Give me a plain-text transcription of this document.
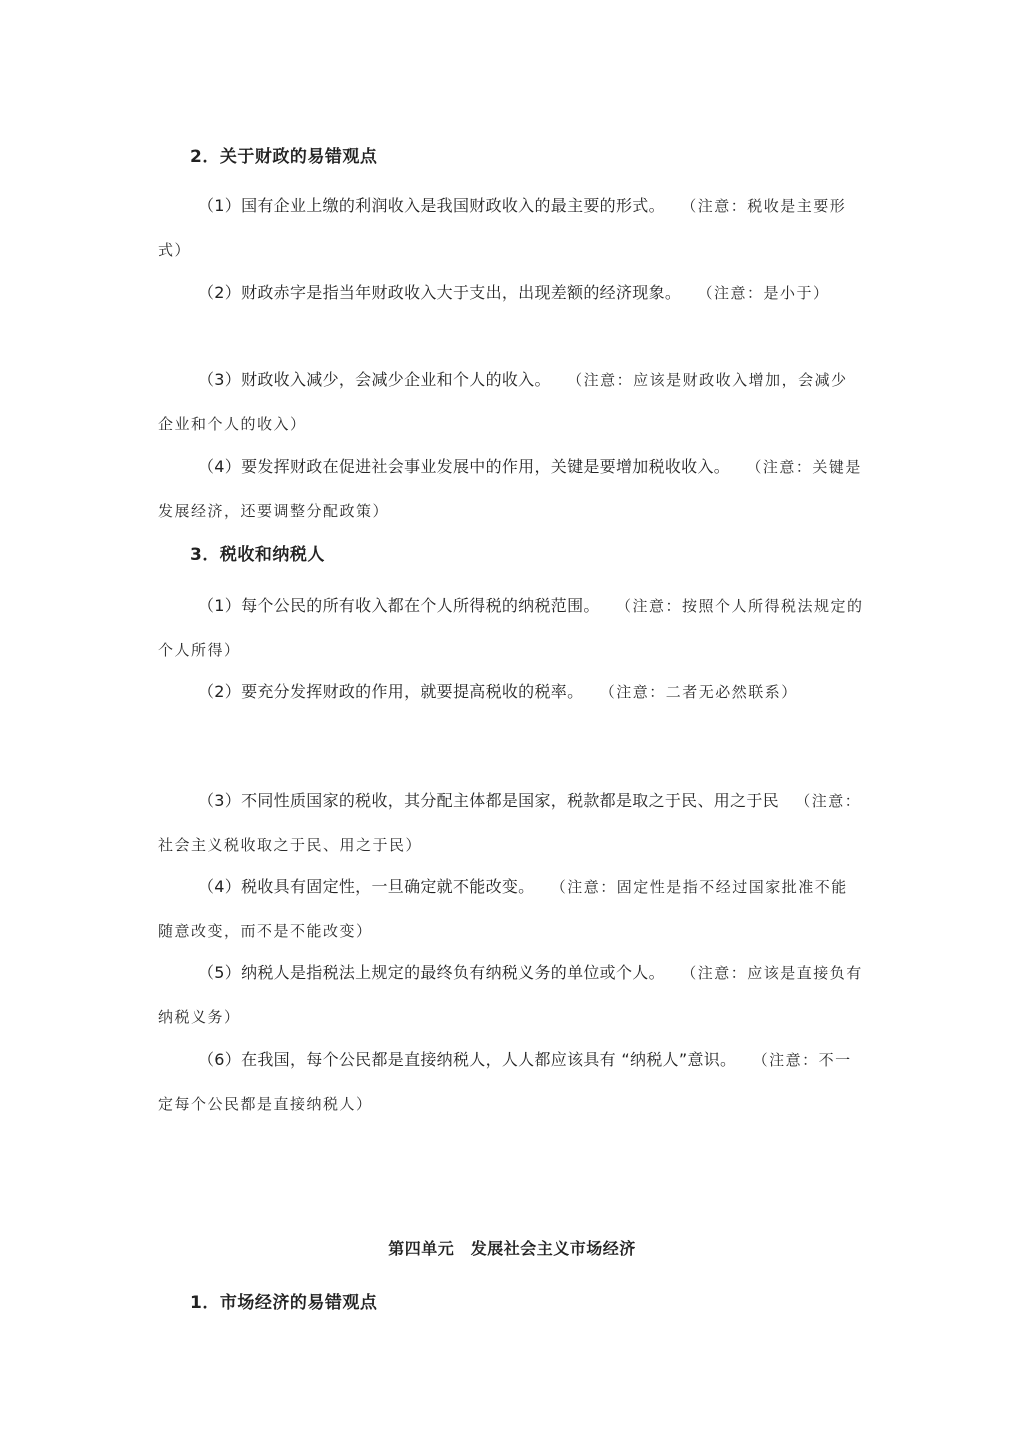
2．关于财政的易错观点
（1）国有企业上缴的利润收入是我国财政收入的最主要的形式。  （注意：税收是主要形式）
（2）财政赤字是指当年财政收入大于支出，出现差额的经济现象。  （注意：是小于）
（3）财政收入减少，会减少企业和个人的收入。  （注意：应该是财政收入增加，会减少企业和个人的收入）
（4）要发挥财政在促进社会事业发展中的作用，关键是要增加税收收入。  （注意：关键是发展经济，还要调整分配政策）
3．税收和纳税人
（1）每个公民的所有收入都在个人所得税的纳税范围。  （注意：按照个人所得税法规定的个人所得）
（2）要充分发挥财政的作用，就要提高税收的税率。  （注意：二者无必然联系）
（3）不同性质国家的税收，其分配主体都是国家，税款都是取之于民、用之于民  （注意：社会主义税收取之于民、用之于民）
（4）税收具有固定性，一旦确定就不能改变。  （注意：固定性是指不经过国家批准不能随意改变，而不是不能改变）
（5）纳税人是指税法上规定的最终负有纳税义务的单位或个人。  （注意：应该是直接负有纳税义务）
（6）在我国，每个公民都是直接纳税人，人人都应该具有 “纳税人”意识。  （注意：不一定每个公民都是直接纳税人）
第四单元　发展社会主义市场经济
1．市场经济的易错观点
